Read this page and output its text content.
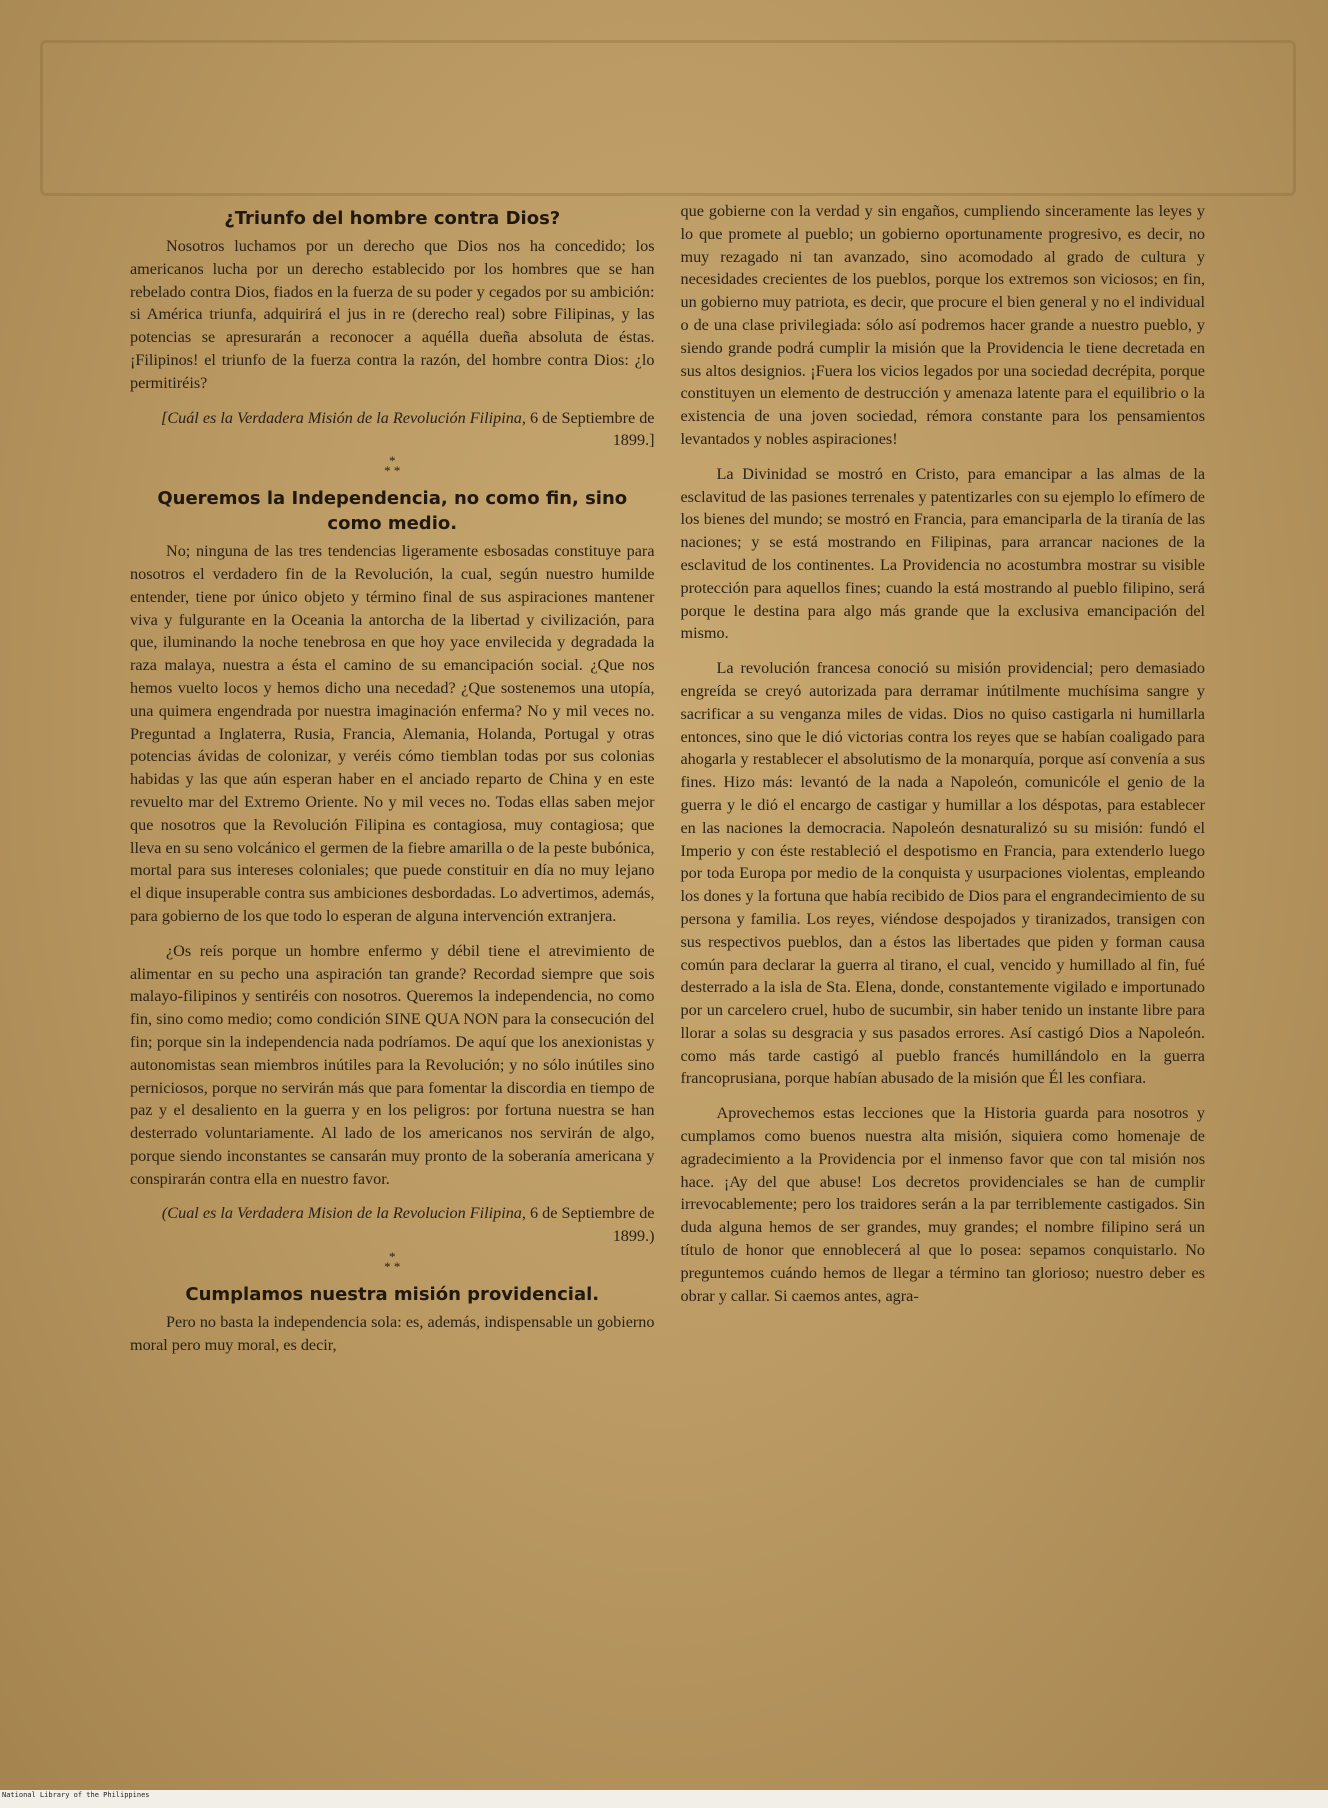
¿Triunfo del hombre contra Dios?

Nosotros luchamos por un derecho que Dios nos ha concedido; los americanos lucha por un derecho establecido por los hombres que se han rebelado contra Dios, fiados en la fuerza de su poder y cegados por su ambición: si América triunfa, adquirirá el jus in re (derecho real) sobre Filipinas, y las potencias se apresurarán a reconocer a aquélla dueña absoluta de éstas. ¡Filipinos! el triunfo de la fuerza contra la razón, del hombre contra Dios: ¿lo permitiréis?

[Cuál es la Verdadera Misión de la Revolución Filipina, 6 de Septiembre de 1899.]
*
* *
Queremos la Independencia, no como fin, sino como medio.

No; ninguna de las tres tendencias ligeramente esbosadas constituye para nosotros el verdadero fin de la Revolución, la cual, según nuestro humilde entender, tiene por único objeto y término final de sus aspiraciones mantener viva y fulgurante en la Oceania la antorcha de la libertad y civilización, para que, iluminando la noche tenebrosa en que hoy yace envilecida y degradada la raza malaya, nuestra a ésta el camino de su emancipación social. ¿Que nos hemos vuelto locos y hemos dicho una necedad? ¿Que sostenemos una utopía, una quimera engendrada por nuestra imaginación enferma? No y mil veces no. Preguntad a Inglaterra, Rusia, Francia, Alemania, Holanda, Portugal y otras potencias ávidas de colonizar, y veréis cómo tiemblan todas por sus colonias habidas y las que aún esperan haber en el anciado reparto de China y en este revuelto mar del Extremo Oriente. No y mil veces no. Todas ellas saben mejor que nosotros que la Revolución Filipina es contagiosa, muy contagiosa; que lleva en su seno volcánico el germen de la fiebre amarilla o de la peste bubónica, mortal para sus intereses coloniales; que puede constituir en día no muy lejano el dique insuperable contra sus ambiciones desbordadas. Lo advertimos, además, para gobierno de los que todo lo esperan de alguna intervención extranjera.

¿Os reís porque un hombre enfermo y débil tiene el atrevimiento de alimentar en su pecho una aspiración tan grande? Recordad siempre que sois malayo-filipinos y sentiréis con nosotros. Queremos la independencia, no como fin, sino como medio; como condición SINE QUA NON para la consecución del fin; porque sin la independencia nada podríamos. De aquí que los anexionistas y autonomistas sean miembros inútiles para la Revolución; y no sólo inútiles sino perniciosos, porque no servirán más que para fomentar la discordia en tiempo de paz y el desaliento en la guerra y en los peligros: por fortuna nuestra se han desterrado voluntariamente. Al lado de los americanos nos servirán de algo, porque siendo inconstantes se cansarán muy pronto de la soberanía americana y conspirarán contra ella en nuestro favor.

(Cual es la Verdadera Mision de la Revolucion Filipina, 6 de Septiembre de 1899.)
*
* *
Cumplamos nuestra misión providencial.

Pero no basta la independencia sola: es, además, indispensable un gobierno moral pero muy moral, es decir,

que gobierne con la verdad y sin engaños, cumpliendo sinceramente las leyes y lo que promete al pueblo; un gobierno oportunamente progresivo, es decir, no muy rezagado ni tan avanzado, sino acomodado al grado de cultura y necesidades crecientes de los pueblos, porque los extremos son viciosos; en fin, un gobierno muy patriota, es decir, que procure el bien general y no el individual o de una clase privilegiada: sólo así podremos hacer grande a nuestro pueblo, y siendo grande podrá cumplir la misión que la Providencia le tiene decretada en sus altos designios. ¡Fuera los vicios legados por una sociedad decrépita, porque constituyen un elemento de destrucción y amenaza latente para el equilibrio o la existencia de una joven sociedad, rémora constante para los pensamientos levantados y nobles aspiraciones!

La Divinidad se mostró en Cristo, para emancipar a las almas de la esclavitud de las pasiones terrenales y patentizarles con su ejemplo lo efímero de los bienes del mundo; se mostró en Francia, para emanciparla de la tiranía de las naciones; y se está mostrando en Filipinas, para arrancar naciones de la esclavitud de los continentes. La Providencia no acostumbra mostrar su visible protección para aquellos fines; cuando la está mostrando al pueblo filipino, será porque le destina para algo más grande que la exclusiva emancipación del mismo.

La revolución francesa conoció su misión providencial; pero demasiado engreída se creyó autorizada para derramar inútilmente muchísima sangre y sacrificar a su venganza miles de vidas. Dios no quiso castigarla ni humillarla entonces, sino que le dió victorias contra los reyes que se habían coaligado para ahogarla y restablecer el absolutismo de la monarquía, porque así convenía a sus fines. Hizo más: levantó de la nada a Napoleón, comunicóle el genio de la guerra y le dió el encargo de castigar y humillar a los déspotas, para establecer en las naciones la democracia. Napoleón desnaturalizó su su misión: fundó el Imperio y con éste restableció el despotismo en Francia, para extenderlo luego por toda Europa por medio de la conquista y usurpaciones violentas, empleando los dones y la fortuna que había recibido de Dios para el engrandecimiento de su persona y familia. Los reyes, viéndose despojados y tiranizados, transigen con sus respectivos pueblos, dan a éstos las libertades que piden y forman causa común para declarar la guerra al tirano, el cual, vencido y humillado al fin, fué desterrado a la isla de Sta. Elena, donde, constantemente vigilado e importunado por un carcelero cruel, hubo de sucumbir, sin haber tenido un instante libre para llorar a solas su desgracia y sus pasados errores. Así castigó Dios a Napoleón. como más tarde castigó al pueblo francés humillándolo en la guerra francoprusiana, porque habían abusado de la misión que Él les confiara.

Aprovechemos estas lecciones que la Historia guarda para nosotros y cumplamos como buenos nuestra alta misión, siquiera como homenaje de agradecimiento a la Providencia por el inmenso favor que con tal misión nos hace. ¡Ay del que abuse! Los decretos providenciales se han de cumplir irrevocablemente; pero los traidores serán a la par terriblemente castigados. Sin duda alguna hemos de ser grandes, muy grandes; el nombre filipino será un título de honor que ennoblecerá al que lo posea: sepamos conquistarlo. No preguntemos cuándo hemos de llegar a término tan glorioso; nuestro deber es obrar y callar. Si caemos antes, agra-

National Library of the Philippines
